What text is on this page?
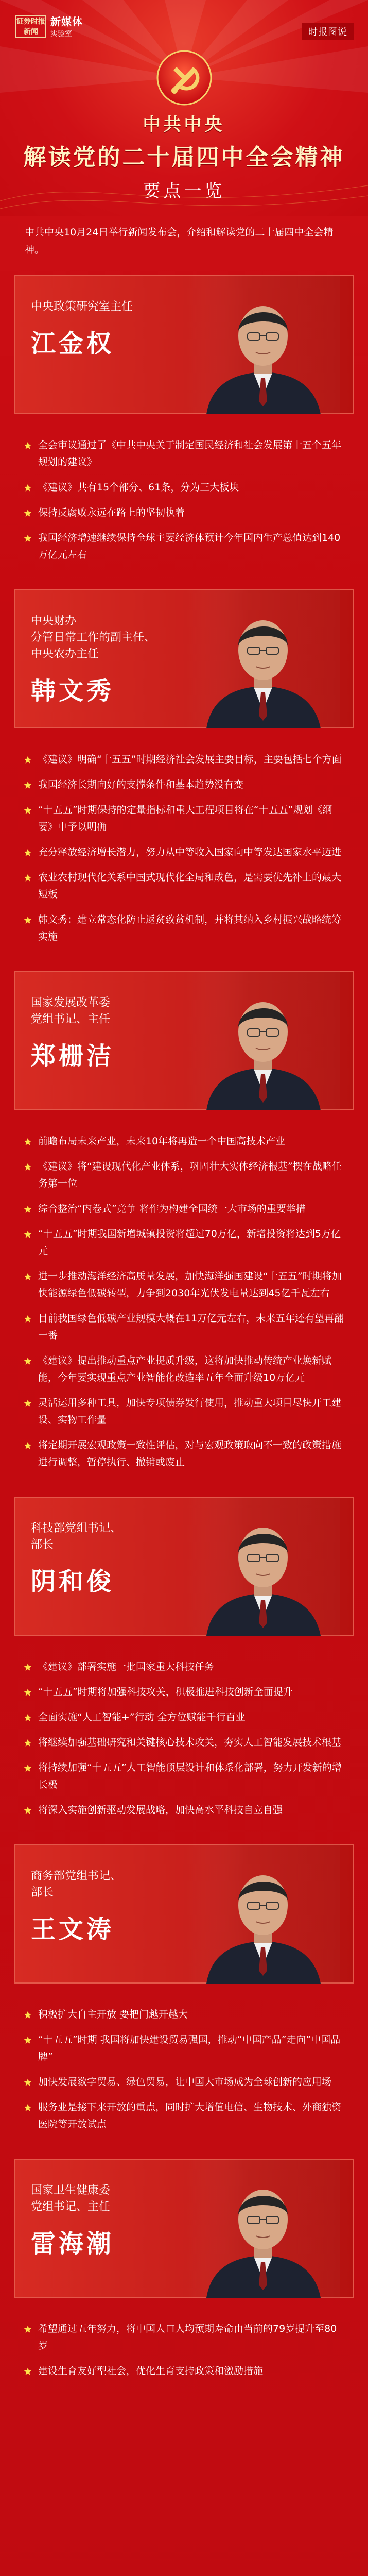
证券时报
新闻
新媒体
实验室	时报图说
中共中央
解读党的二十届四中全会精神
要点一览
中共中央10月24日举行新闻发布会，介绍和解读党的二十届四中全会精神。
中央政策研究室主任
江金权
全会审议通过了《中共中央关于制定国民经济和社会发展第十五个五年规划的建议》
《建议》共有15个部分、61条，分为三大板块
保持反腐败永远在路上的坚韧执着
我国经济增速继续保持全球主要经济体预计今年国内生产总值达到140万亿元左右
中央财办
分管日常工作的副主任、
中央农办主任
韩文秀
《建议》明确“十五五”时期经济社会发展主要目标，主要包括七个方面
我国经济长期向好的支撑条件和基本趋势没有变
“十五五”时期保持的定量指标和重大工程项目将在“十五五”规划《纲要》中予以明确
充分释放经济增长潜力，努力从中等收入国家向中等发达国家水平迈进
农业农村现代化关系中国式现代化全局和成色，是需要优先补上的最大短板
韩文秀：建立常态化防止返贫致贫机制，并将其纳入乡村振兴战略统筹实施
国家发展改革委
党组书记、主任
郑栅洁
前瞻布局未来产业，未来10年将再造一个中国高技术产业
《建议》将“建设现代化产业体系，巩固壮大实体经济根基”摆在战略任务第一位
综合整治“内卷式”竞争 将作为构建全国统一大市场的重要举措
“十五五”时期我国新增城镇投资将超过70万亿，新增投资将达到5万亿元
进一步推动海洋经济高质量发展，加快海洋强国建设“十五五”时期将加快能源绿色低碳转型，力争到2030年光伏发电量达到45亿千瓦左右
目前我国绿色低碳产业规模大概在11万亿元左右，未来五年还有望再翻一番
《建议》提出推动重点产业提质升级，这将加快推动传统产业焕新赋能，今年要实现重点产业智能化改造率五年全面升级10万亿元
灵活运用多种工具，加快专项债券发行使用，推动重大项目尽快开工建设、实物工作量
将定期开展宏观政策一致性评估，对与宏观政策取向不一致的政策措施进行调整，暂停执行、撤销或废止
科技部党组书记、
部长
阴和俊
《建议》部署实施一批国家重大科技任务
“十五五”时期将加强科技攻关，积极推进科技创新全面提升
全面实施“人工智能+”行动 全方位赋能千行百业
将继续加强基础研究和关键核心技术攻关，夯实人工智能发展技术根基
将持续加强“十五五”人工智能顶层设计和体系化部署，努力开发新的增长极
将深入实施创新驱动发展战略，加快高水平科技自立自强
商务部党组书记、
部长
王文涛
积极扩大自主开放 要把门越开越大
“十五五”时期 我国将加快建设贸易强国，推动“中国产品”走向“中国品牌”
加快发展数字贸易、绿色贸易，让中国大市场成为全球创新的应用场
服务业是接下来开放的重点，同时扩大增值电信、生物技术、外商独资医院等开放试点
国家卫生健康委
党组书记、主任
雷海潮
希望通过五年努力，将中国人口人均预期寿命由当前的79岁提升至80岁
建设生育友好型社会，优化生育支持政策和激励措施
